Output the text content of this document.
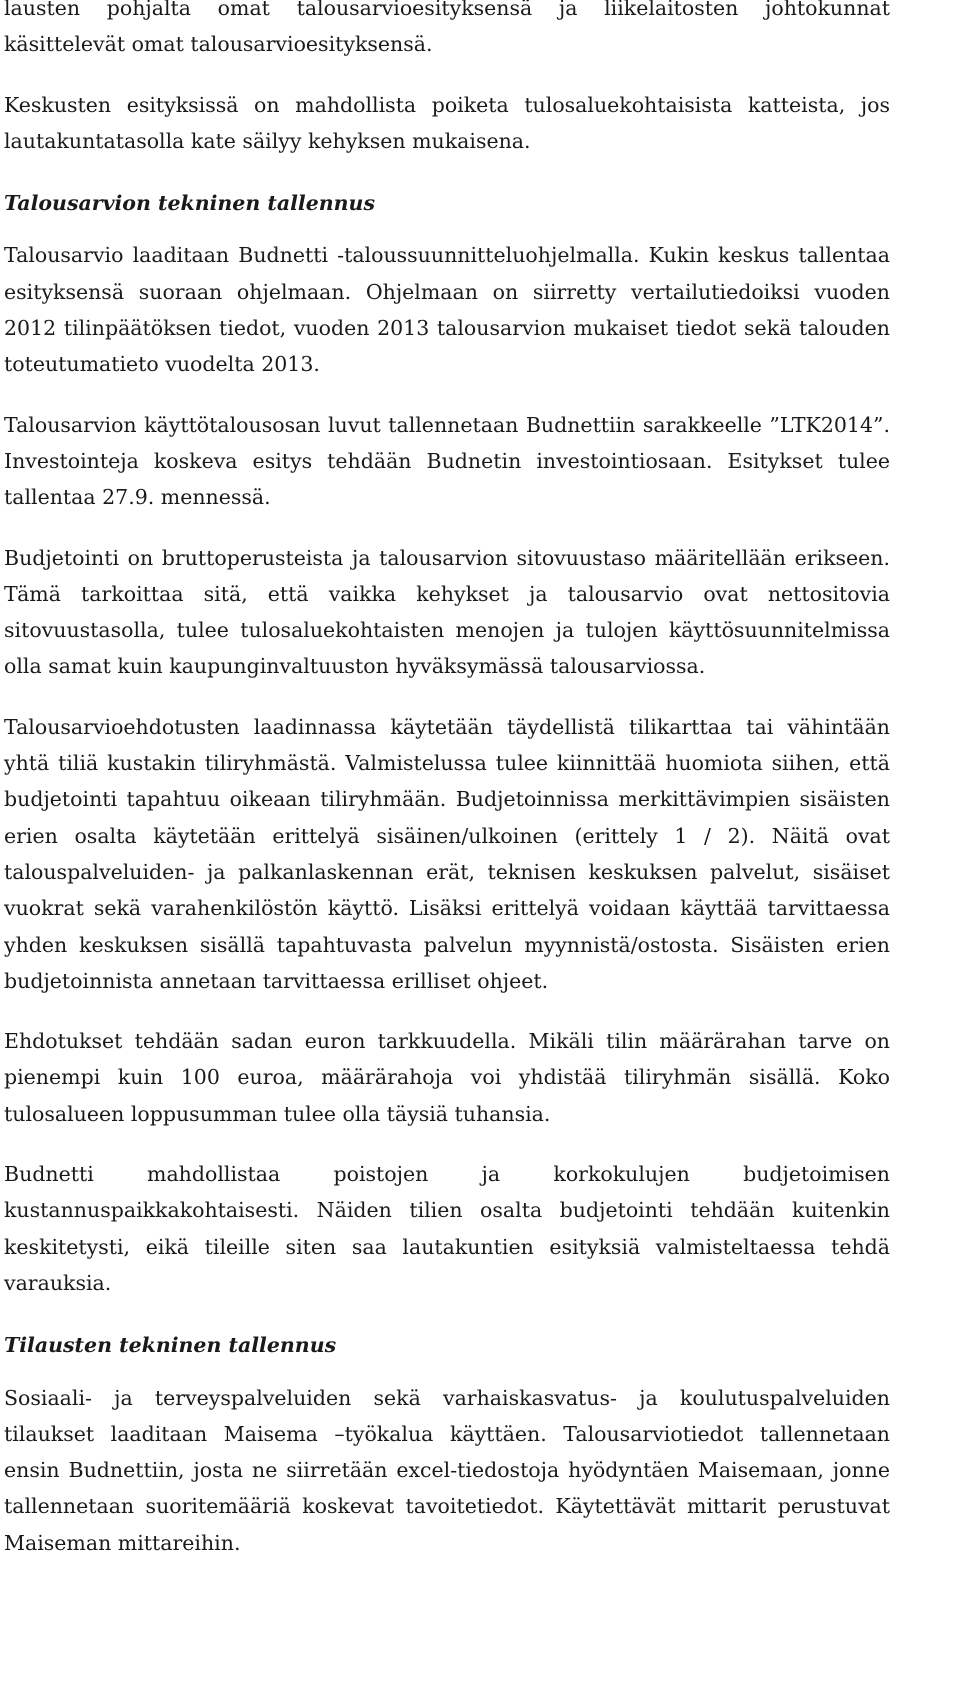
lausten pohjalta omat talousarvioesityksensä ja liikelaitosten johtokunnat käsittelevät omat talousarvioesityksensä.

Keskusten esityksissä on mahdollista poiketa tulosaluekohtaisista katteista, jos lautakuntatasolla kate säilyy kehyksen mukaisena.

Talousarvion tekninen tallennus

Talousarvio laaditaan Budnetti -taloussuunnitteluohjelmalla. Kukin keskus tallentaa esityksensä suoraan ohjelmaan. Ohjelmaan on siirretty vertailutiedoiksi vuoden 2012 tilinpäätöksen tiedot, vuoden 2013 talousarvion mukaiset tiedot sekä talouden toteutumatieto vuodelta 2013.

Talousarvion käyttötalousosan luvut tallennetaan Budnettiin sarakkeelle ”LTK2014”. Investointeja koskeva esitys tehdään Budnetin investointiosaan. Esitykset tulee tallentaa 27.9. mennessä.

Budjetointi on bruttoperusteista ja talousarvion sitovuustaso määritellään erikseen. Tämä tarkoittaa sitä, että vaikka kehykset ja talousarvio ovat nettositovia sitovuustasolla, tulee tulosaluekohtaisten menojen ja tulojen käyttösuunnitelmissa olla samat kuin kaupunginvaltuuston hyväksymässä talousarviossa.

Talousarvioehdotusten laadinnassa käytetään täydellistä tilikarttaa tai vähintään yhtä tiliä kustakin tiliryhmästä. Valmistelussa tulee kiinnittää huomiota siihen, että budjetointi tapahtuu oikeaan tiliryhmään. Budjetoinnissa merkittävimpien sisäisten erien osalta käytetään erittelyä sisäinen/ulkoinen (erittely 1 / 2). Näitä ovat talouspalveluiden- ja palkanlaskennan erät, teknisen keskuksen palvelut, sisäiset vuokrat sekä varahenkilöstön käyttö. Lisäksi erittelyä voidaan käyttää tarvittaessa yhden keskuksen sisällä tapahtuvasta palvelun myynnistä/ostosta. Sisäisten erien budjetoinnista annetaan tarvittaessa erilliset ohjeet.

Ehdotukset tehdään sadan euron tarkkuudella. Mikäli tilin määrärahan tarve on pienempi kuin 100 euroa, määrärahoja voi yhdistää tiliryhmän sisällä. Koko tulosalueen loppusumman tulee olla täysiä tuhansia.

Budnetti mahdollistaa poistojen ja korkokulujen budjetoimisen kustannuspaikkakohtaisesti. Näiden tilien osalta budjetointi tehdään kuitenkin keskitetysti, eikä tileille siten saa lautakuntien esityksiä valmisteltaessa tehdä varauksia.

Tilausten tekninen tallennus

Sosiaali- ja terveyspalveluiden sekä varhaiskasvatus- ja koulutuspalveluiden tilaukset laaditaan Maisema –työkalua käyttäen. Talousarviotiedot tallennetaan ensin Budnettiin, josta ne siirretään excel-tiedostoja hyödyntäen Maisemaan, jonne tallennetaan suoritemääriä koskevat tavoitetiedot. Käytettävät mittarit perustuvat Maiseman mittareihin.
